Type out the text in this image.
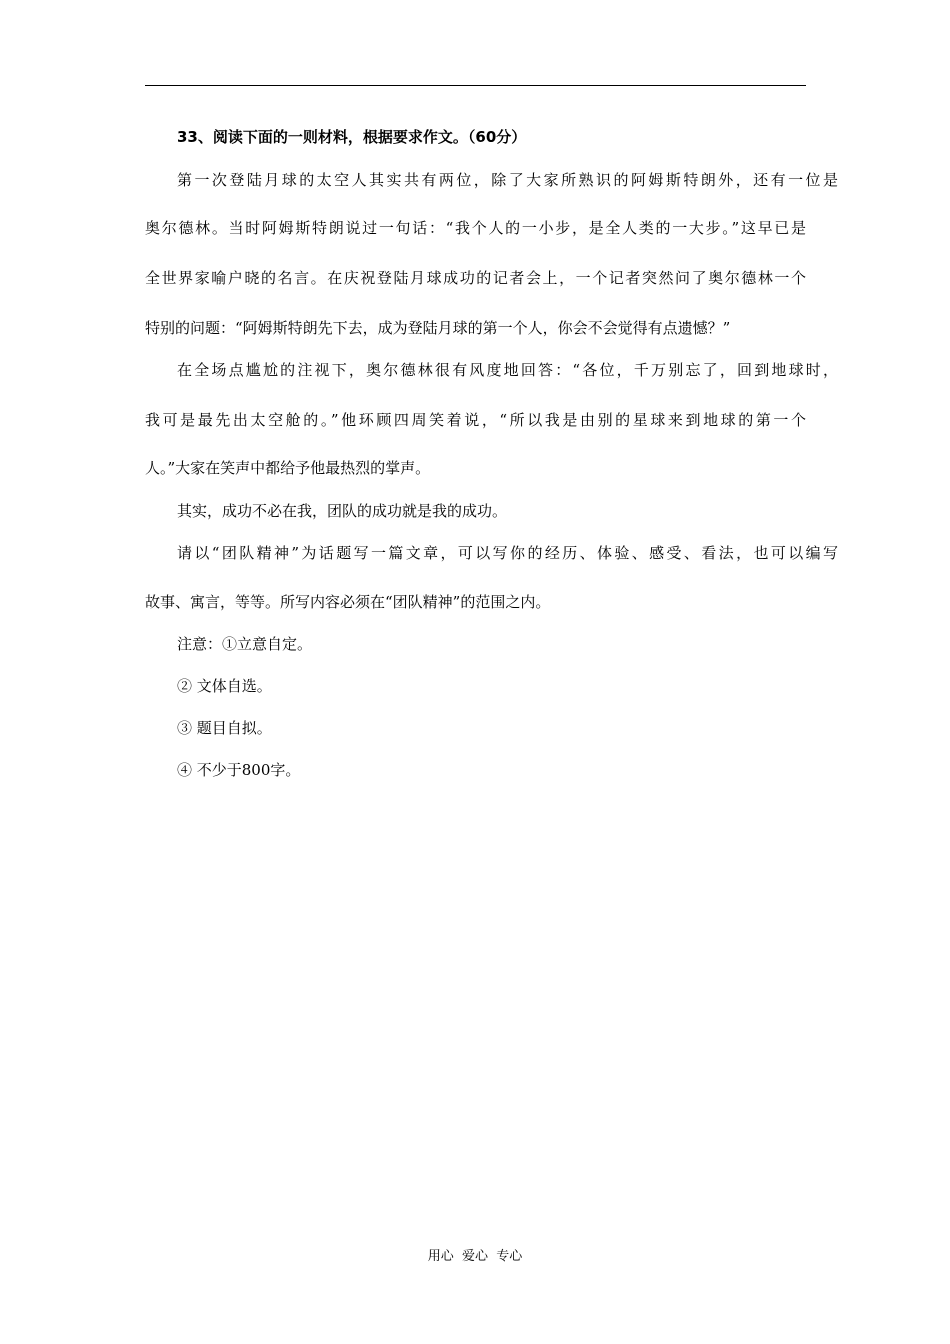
33、阅读下面的一则材料，根据要求作文。（60分）
第一次登陆月球的太空人其实共有两位，除了大家所熟识的阿姆斯特朗外，还有一位是
奥尔德林。当时阿姆斯特朗说过一句话：“我个人的一小步，是全人类的一大步。”这早已是
全世界家喻户晓的名言。在庆祝登陆月球成功的记者会上，一个记者突然问了奥尔德林一个
特别的问题：“阿姆斯特朗先下去，成为登陆月球的第一个人，你会不会觉得有点遗憾？”
在全场点尴尬的注视下，奥尔德林很有风度地回答：“各位，千万别忘了，回到地球时，
我可是最先出太空舱的。”他环顾四周笑着说，“所以我是由别的星球来到地球的第一个
人。”大家在笑声中都给予他最热烈的掌声。
其实，成功不必在我，团队的成功就是我的成功。
请以“团队精神”为话题写一篇文章，可以写你的经历、体验、感受、看法，也可以编写
故事、寓言，等等。所写内容必须在“团队精神”的范围之内。
注意：①立意自定。
② 文体自选。
③ 题目自拟。
④ 不少于800字。
用心  爱心  专心
